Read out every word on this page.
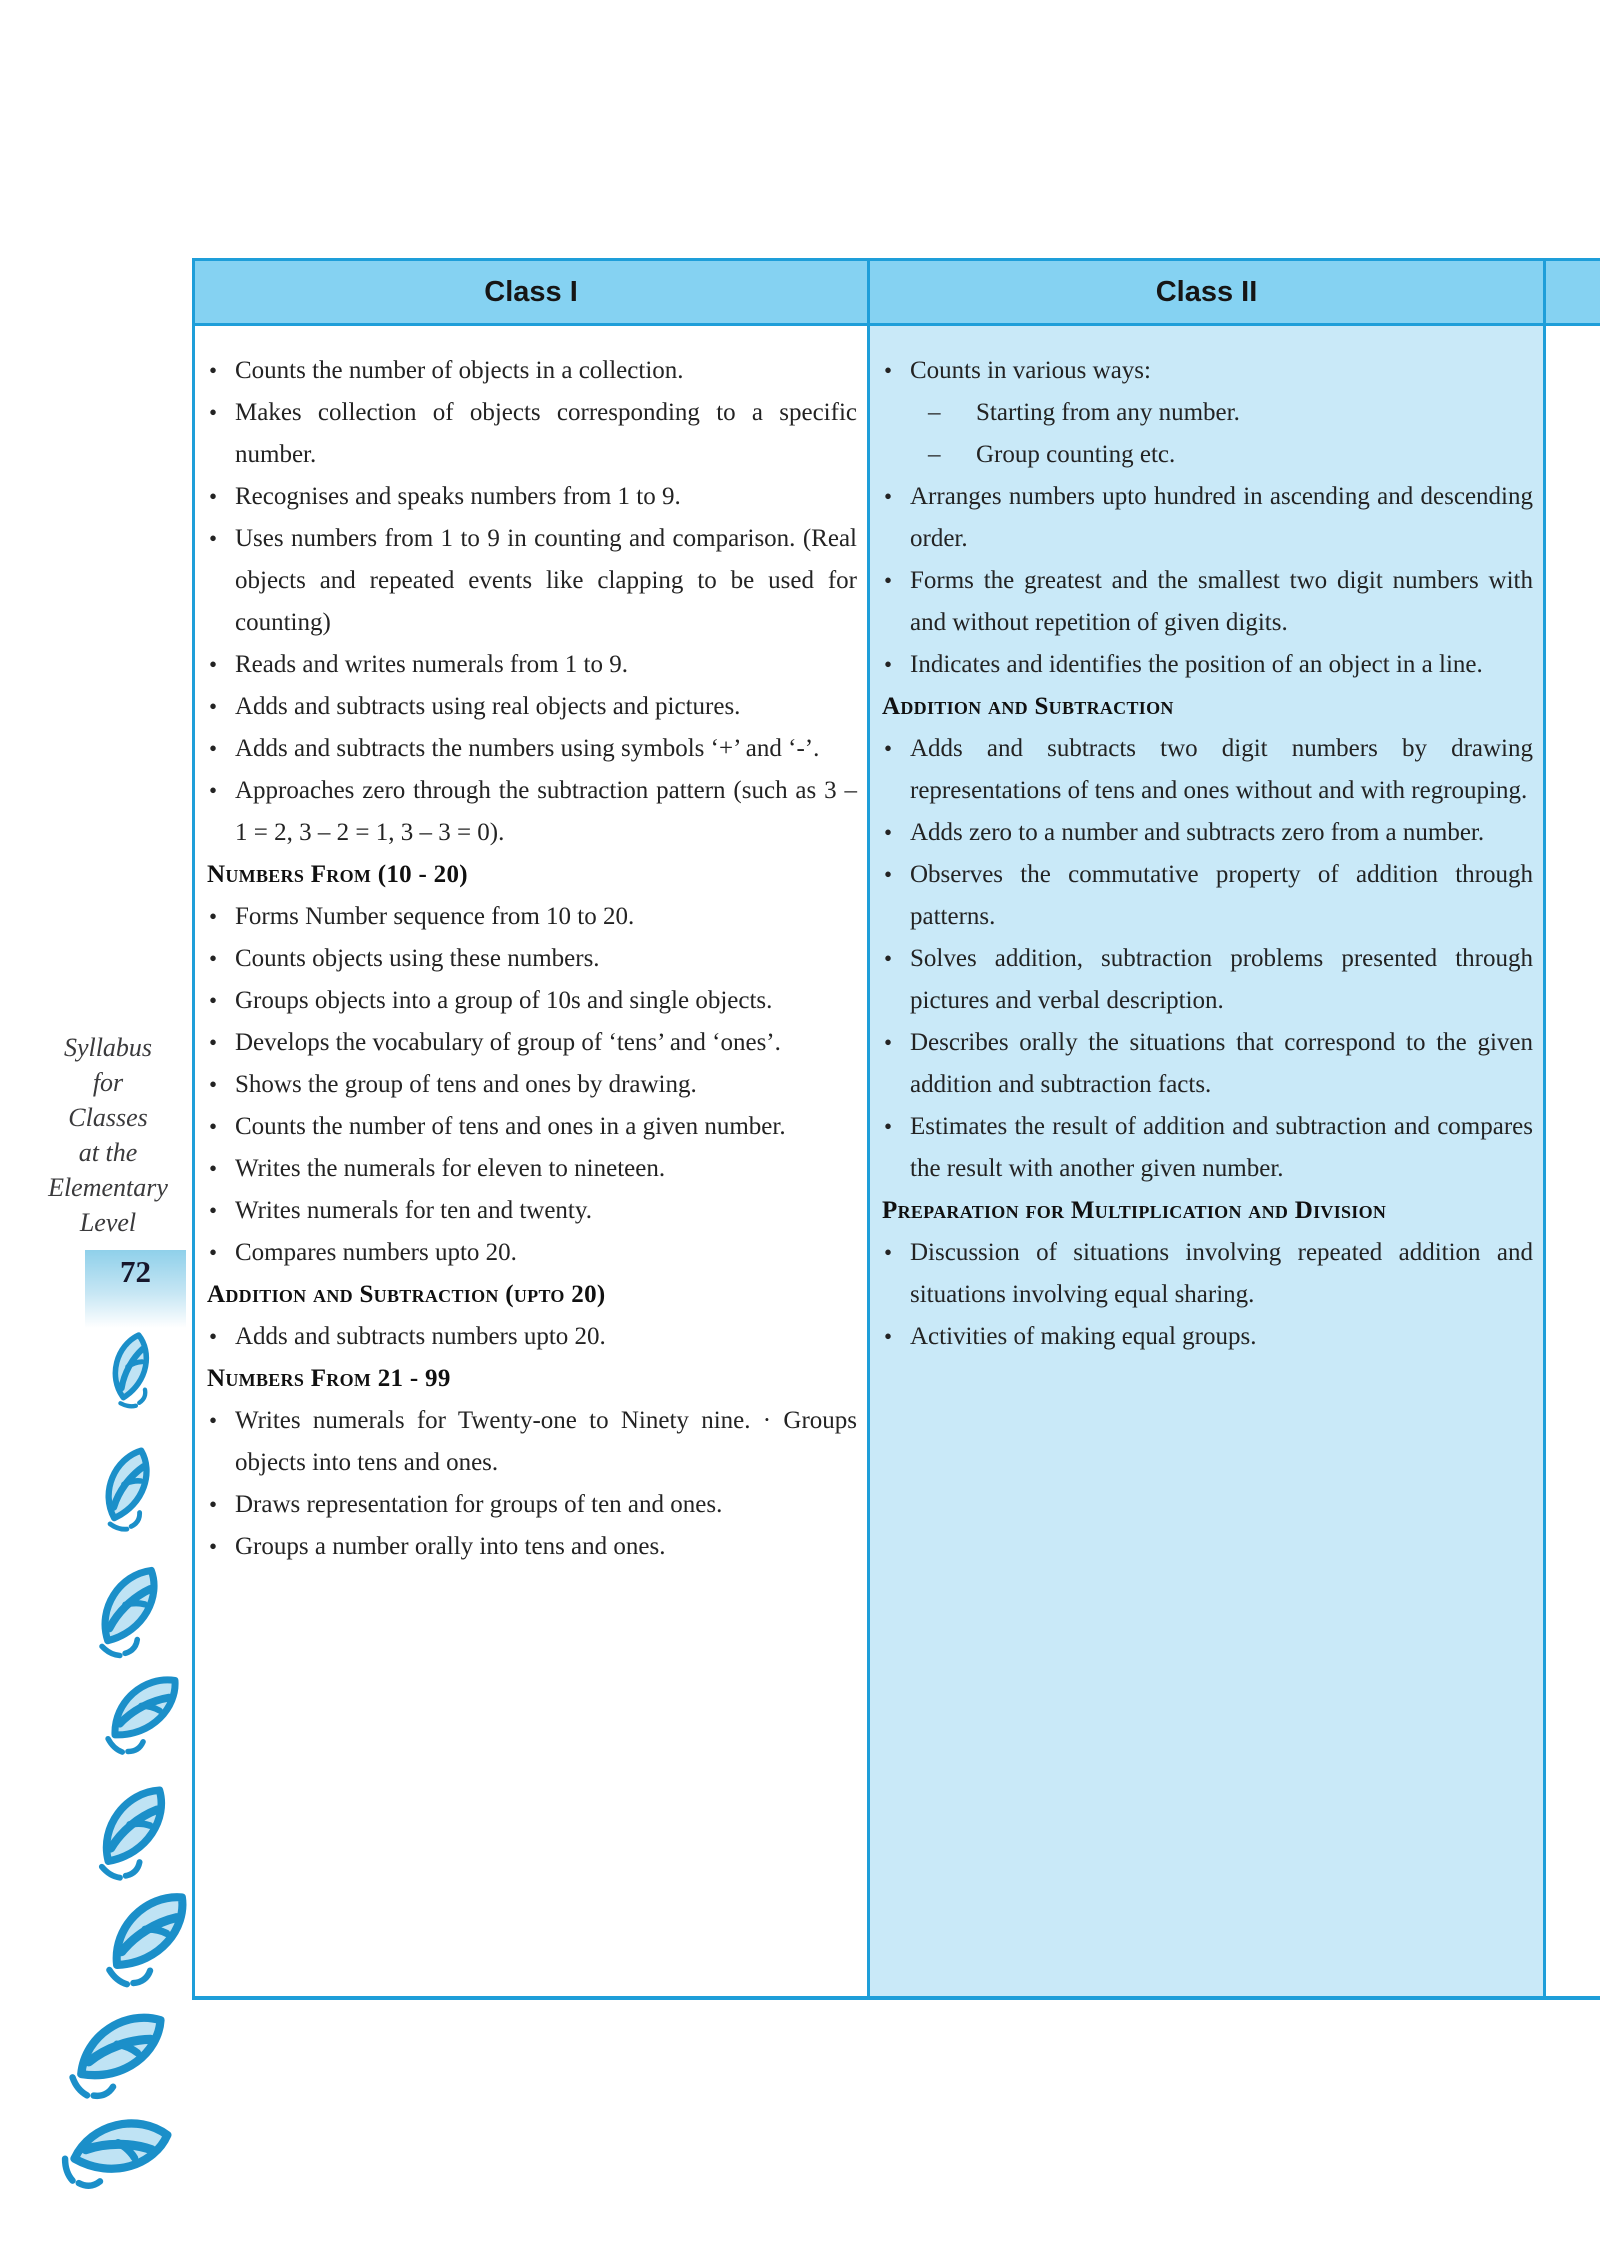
Syllabus
for
Classes
at the
Elementary
Level
72
Class I	Class II
• Counts the number of objects in a collection.
• Makes collection of objects corresponding to a specific number.
• Recognises and speaks numbers from 1 to 9.
• Uses numbers from 1 to 9 in counting and comparison. (Real objects and repeated events like clapping to be used for counting)
• Reads and writes numerals from 1 to 9.
• Adds and subtracts using real objects and pictures.
• Adds and subtracts the numbers using symbols ‘+’ and ‘-’.
• Approaches zero through the subtraction pattern (such as 3 – 1 = 2, 3 – 2 = 1, 3 – 3 = 0).
Numbers From (10 - 20)
• Forms Number sequence from 10 to 20.
• Counts objects using these numbers.
• Groups objects into a group of 10s and single objects.
• Develops the vocabulary of group of ‘tens’ and ‘ones’.
• Shows the group of tens and ones by drawing.
• Counts the number of tens and ones in a given number.
• Writes the numerals for eleven to nineteen.
• Writes numerals for ten and twenty.
• Compares numbers upto 20.
Addition and Subtraction (upto 20)
• Adds and subtracts numbers upto 20.
Numbers From 21 - 99
• Writes numerals for Twenty-one to Ninety nine. · Groups objects into tens and ones.
• Draws representation for groups of ten and ones.
• Groups a number orally into tens and ones.
• Counts in various ways:
– Starting from any number.
– Group counting etc.
• Arranges numbers upto hundred in ascending and descending order.
• Forms the greatest and the smallest two digit numbers with and without repetition of given digits.
• Indicates and identifies the position of an object in a line.
Addition and Subtraction
• Adds and subtracts two digit numbers by drawing representations of tens and ones without and with regrouping.
• Adds zero to a number and subtracts zero from a number.
• Observes the commutative property of addition through patterns.
• Solves addition, subtraction problems presented through pictures and verbal description.
• Describes orally the situations that correspond to the given addition and subtraction facts.
• Estimates the result of addition and subtraction and compares the result with another given number.
Preparation for Multiplication and Division
• Discussion of situations involving repeated addition and situations involving equal sharing.
• Activities of making equal groups.
